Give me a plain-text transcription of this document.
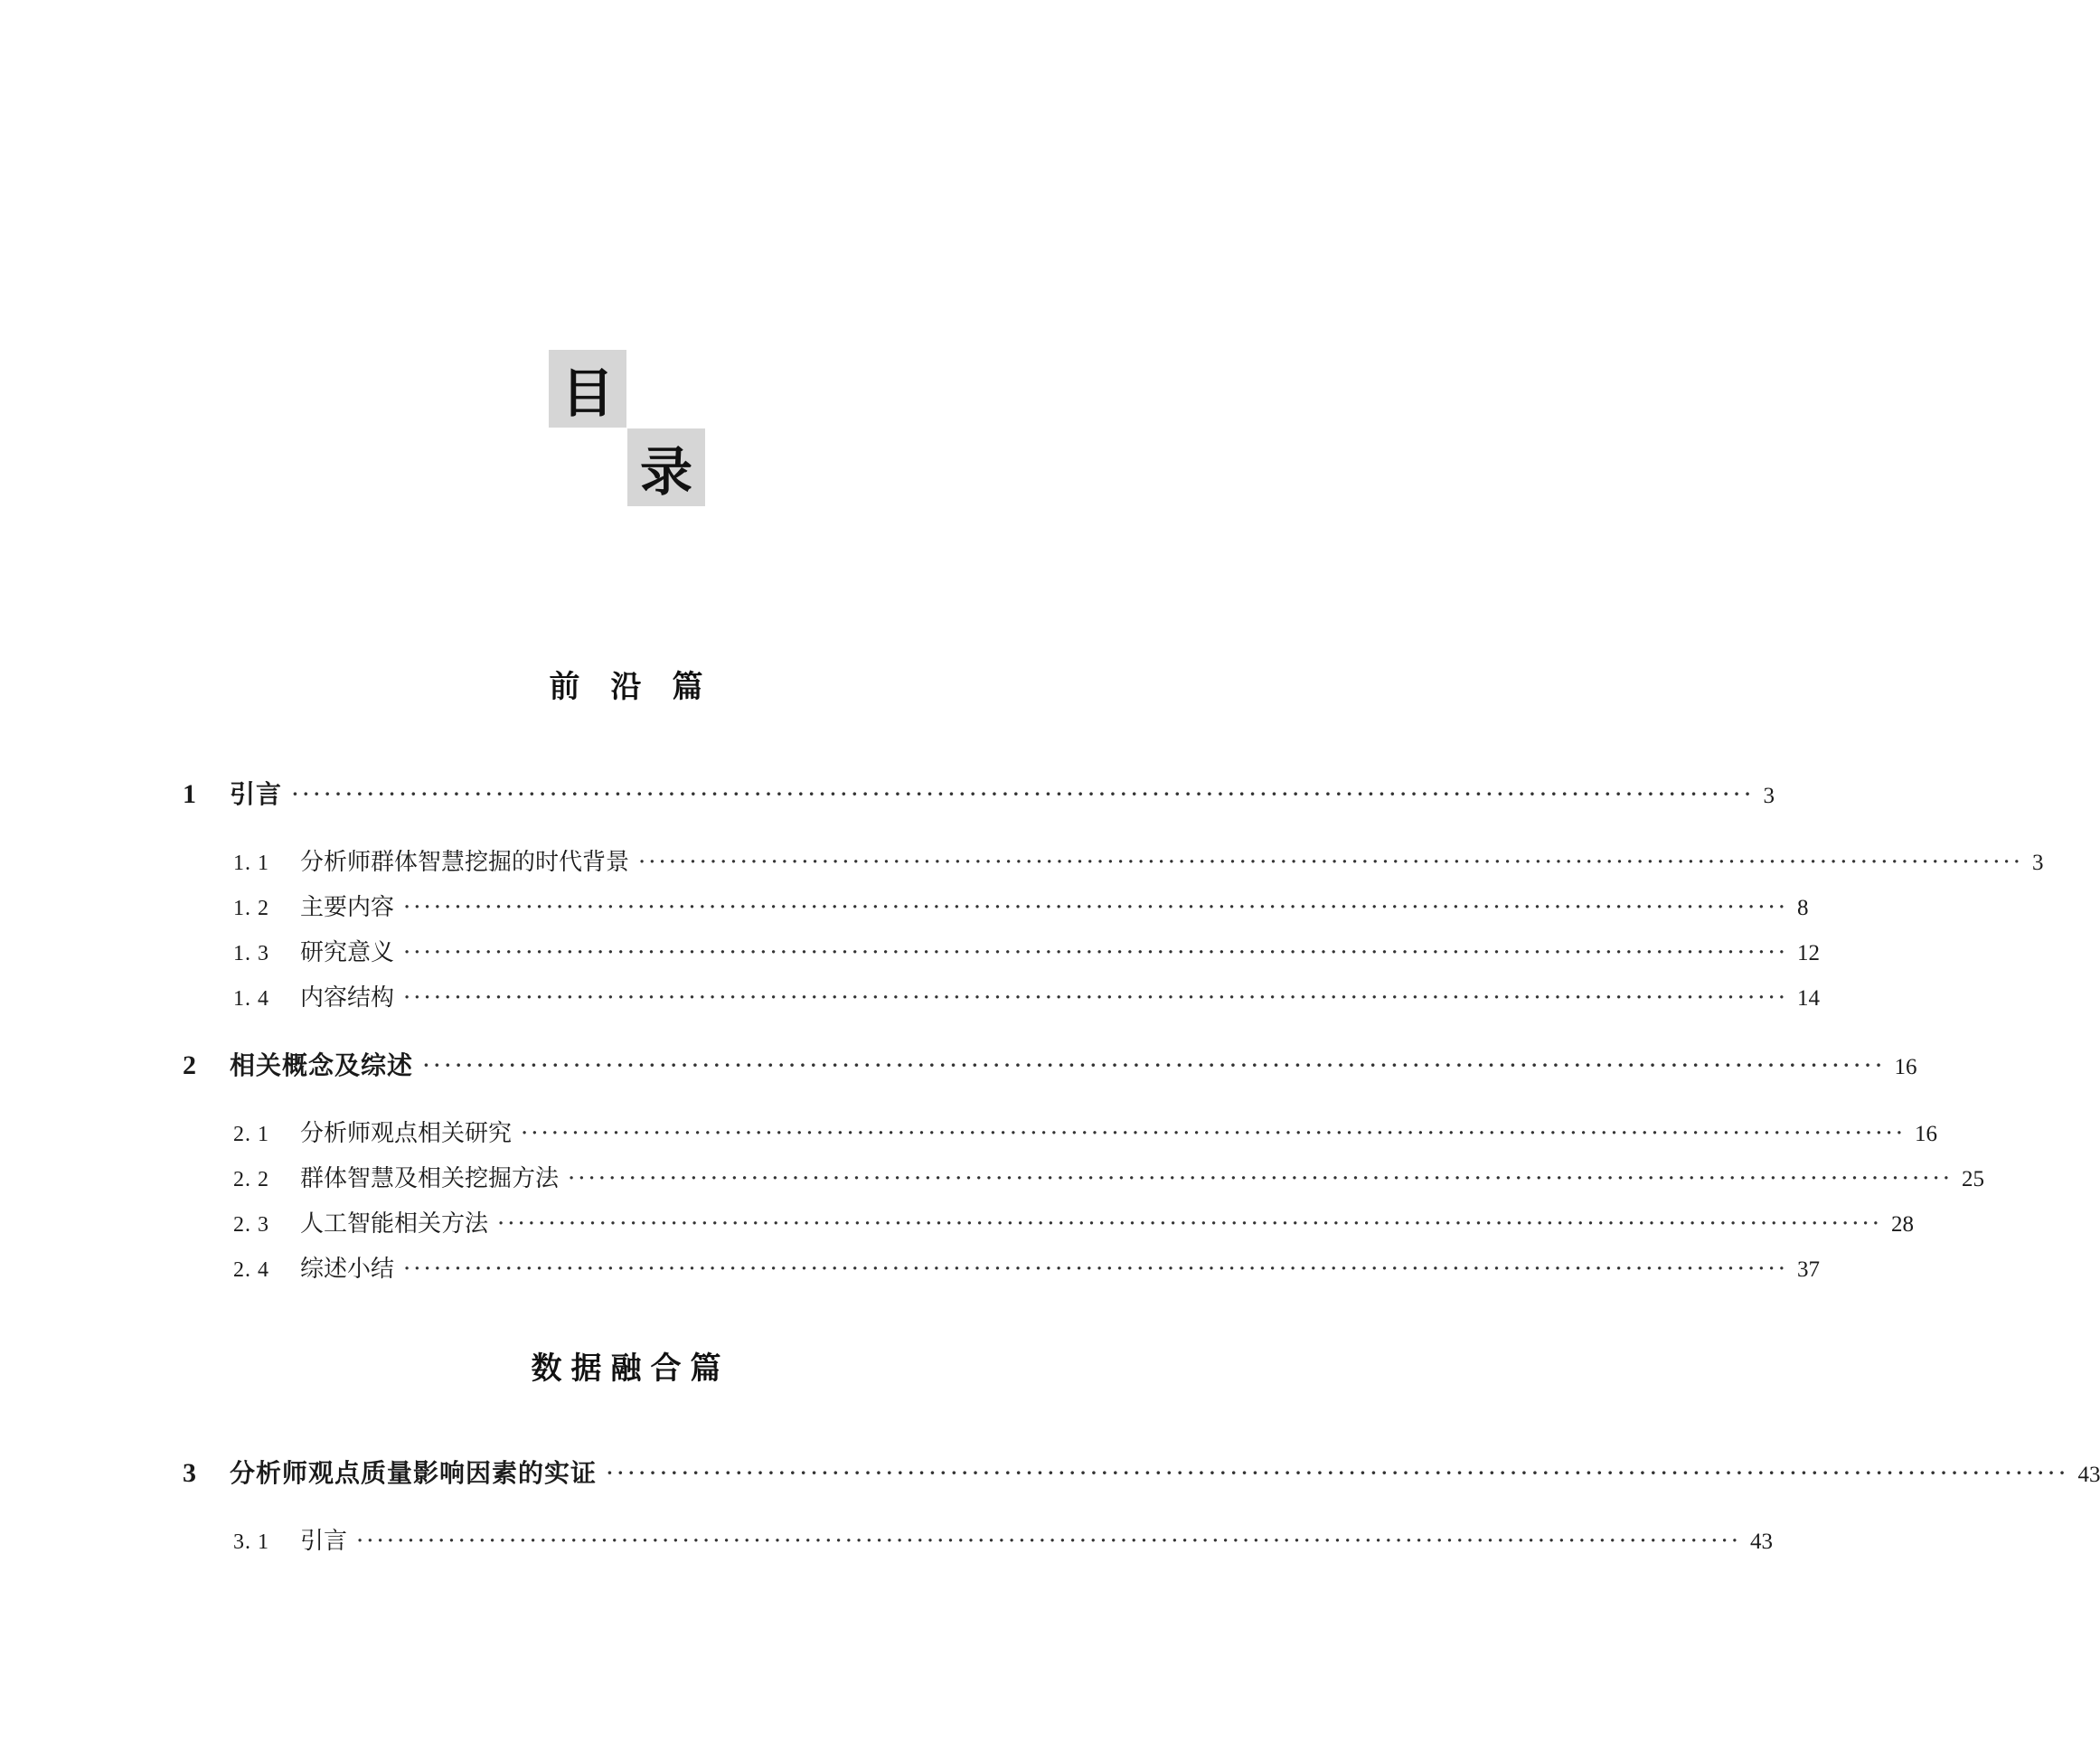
目
录
前沿篇
1	引言 ········································································································································ 3
1. 1	分析师群体智慧挖掘的时代背景 ········································································································································ 3
1. 2	主要内容 ········································································································································ 8
1. 3	研究意义 ········································································································································ 12
1. 4	内容结构 ········································································································································ 14
2	相关概念及综述 ········································································································································ 16
2. 1	分析师观点相关研究 ········································································································································ 16
2. 2	群体智慧及相关挖掘方法 ········································································································································ 25
2. 3	人工智能相关方法 ········································································································································ 28
2. 4	综述小结 ········································································································································ 37
数据融合篇
3	分析师观点质量影响因素的实证 ········································································································································ 43
3. 1	引言 ········································································································································ 43
